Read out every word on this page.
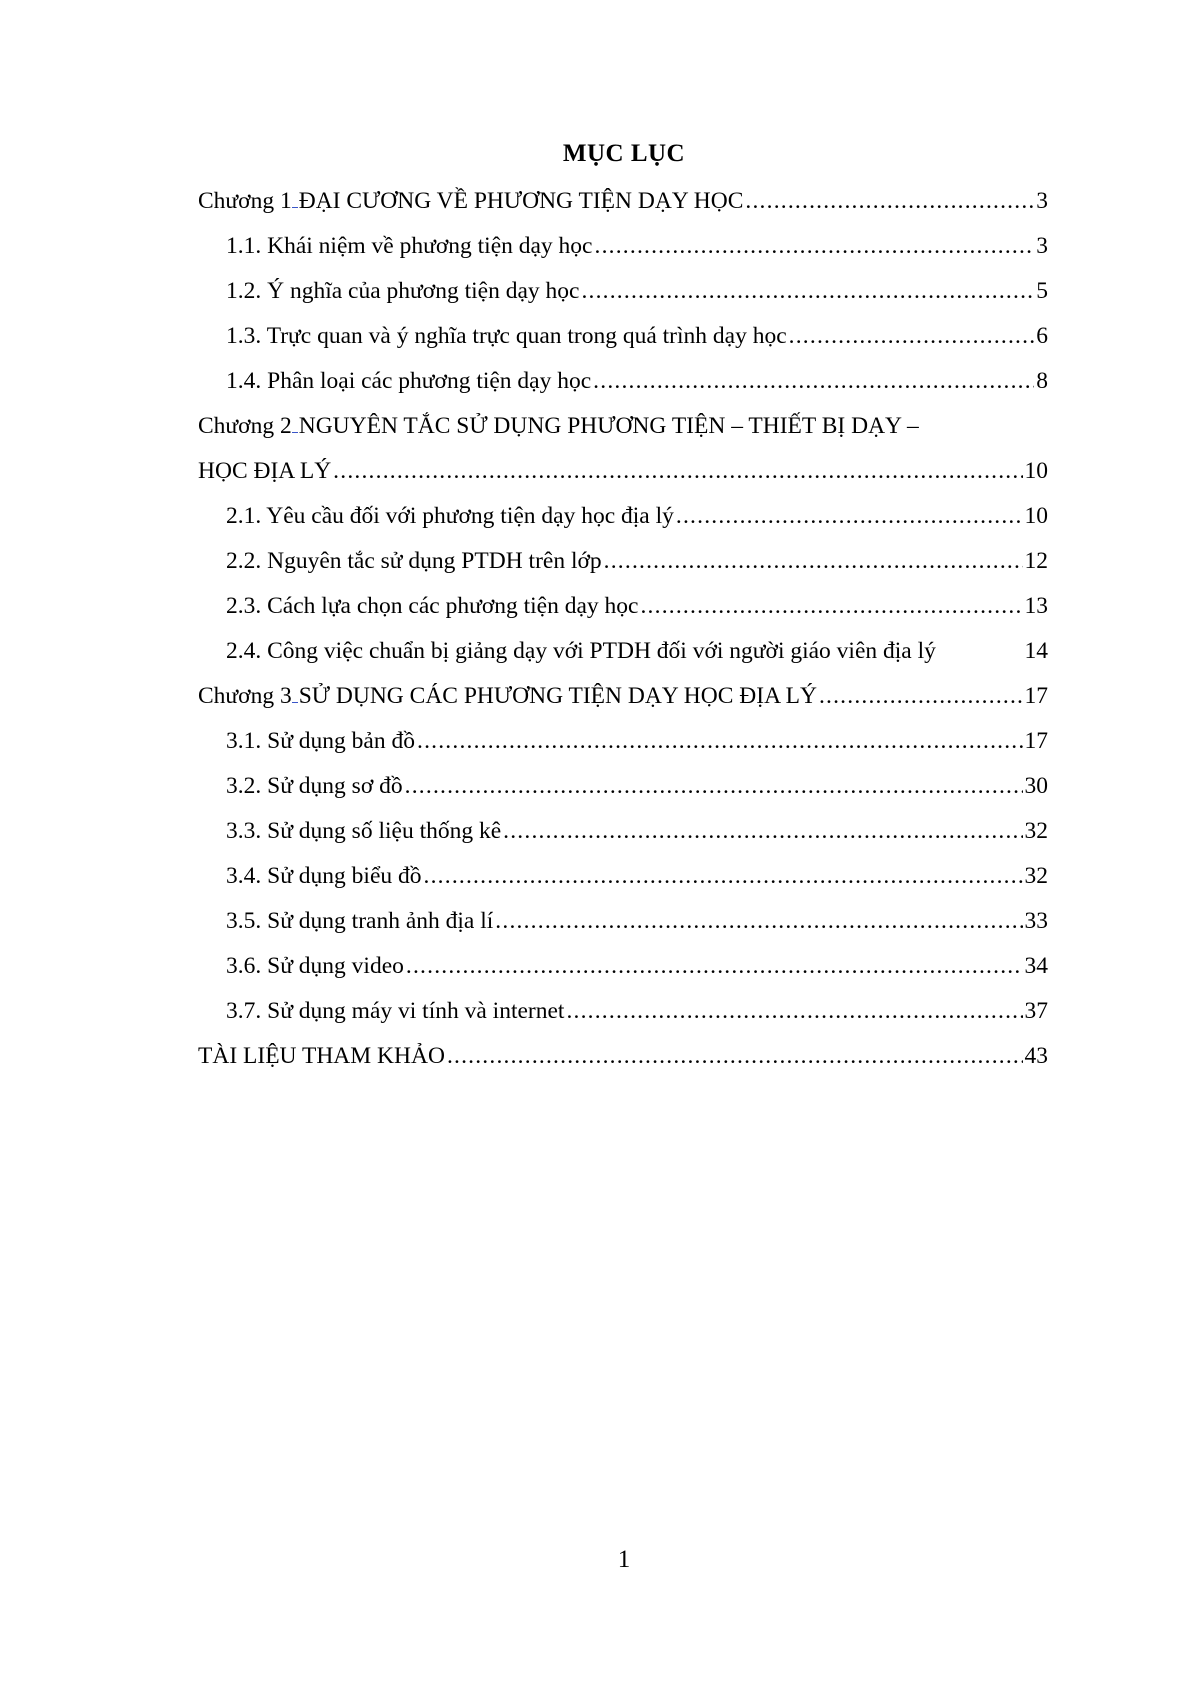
MỤC LỤC
Chương 1 ĐẠI CƯƠNG VỀ PHƯƠNG TIỆN DẠY HỌC .....	3
1.1. Khái niệm về phương tiện dạy học .....	3
1.2. Ý nghĩa của phương tiện dạy học .....	5
1.3. Trực quan và ý nghĩa trực quan trong quá trình dạy học .....	6
1.4. Phân loại các phương tiện dạy học .....	8
Chương 2 NGUYÊN TẮC SỬ DỤNG PHƯƠNG TIỆN – THIẾT BỊ DẠY –
HỌC ĐỊA LÝ .....	10
2.1. Yêu cầu đối với phương tiện dạy học địa lý .....	10
2.2. Nguyên tắc sử dụng PTDH trên lớp .....	12
2.3. Cách lựa chọn các phương tiện dạy học .....	13
2.4. Công việc chuẩn bị giảng dạy với PTDH đối với người giáo viên địa lý	14
Chương 3 SỬ DỤNG CÁC PHƯƠNG TIỆN DẠY HỌC ĐỊA LÝ .....	17
3.1. Sử dụng bản đồ .....	17
3.2. Sử dụng sơ đồ .....	30
3.3. Sử dụng số liệu thống kê .....	32
3.4. Sử dụng biểu đồ .....	32
3.5. Sử dụng tranh ảnh địa lí .....	33
3.6. Sử dụng video .....	34
3.7. Sử dụng máy vi tính và internet .....	37
TÀI LIỆU THAM KHẢO .....	43
1
